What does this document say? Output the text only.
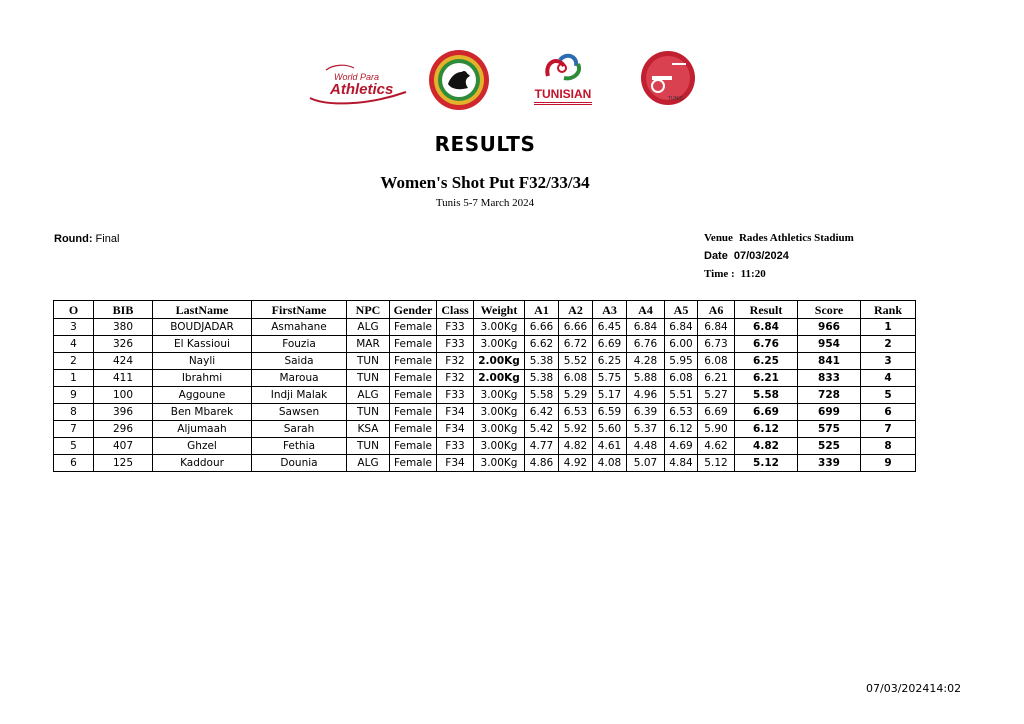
World Para
Athletics	TUNISIAN	TUNIS
RESULTS
Women's Shot Put F32/33/34
Tunis 5-7 March 2024
Round: Final	Venue Rades Athletics Stadium
Date 07/03/2024
Time : 11:20
O	BIB	LastName	FirstName	NPC	Gender	Class	Weight	A1	A2	A3	A4	A5	A6	Result	Score	Rank
3	380	BOUDJADAR	Asmahane	ALG	Female	F33	3.00Kg	6.66	6.66	6.45	6.84	6.84	6.84	6.84	966	1
4	326	El Kassioui	Fouzia	MAR	Female	F33	3.00Kg	6.62	6.72	6.69	6.76	6.00	6.73	6.76	954	2
2	424	Nayli	Saida	TUN	Female	F32	2.00Kg	5.38	5.52	6.25	4.28	5.95	6.08	6.25	841	3
1	411	Ibrahmi	Maroua	TUN	Female	F32	2.00Kg	5.38	6.08	5.75	5.88	6.08	6.21	6.21	833	4
9	100	Aggoune	Indji Malak	ALG	Female	F33	3.00Kg	5.58	5.29	5.17	4.96	5.51	5.27	5.58	728	5
8	396	Ben Mbarek	Sawsen	TUN	Female	F34	3.00Kg	6.42	6.53	6.59	6.39	6.53	6.69	6.69	699	6
7	296	Aljumaah	Sarah	KSA	Female	F34	3.00Kg	5.42	5.92	5.60	5.37	6.12	5.90	6.12	575	7
5	407	Ghzel	Fethia	TUN	Female	F33	3.00Kg	4.77	4.82	4.61	4.48	4.69	4.62	4.82	525	8
6	125	Kaddour	Dounia	ALG	Female	F34	3.00Kg	4.86	4.92	4.08	5.07	4.84	5.12	5.12	339	9
07/03/202414:02
